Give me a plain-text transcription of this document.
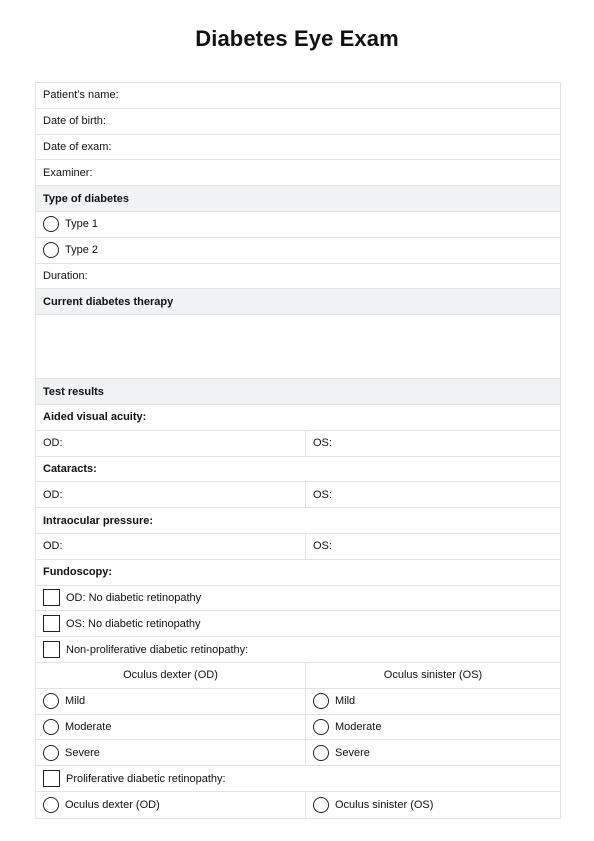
Diabetes Eye Exam
Patient’s name:
Date of birth:
Date of exam:
Examiner:
Type of diabetes
Type 1
Type 2
Duration:
Current diabetes therapy
Test results
Aided visual acuity:
OD:	OS:
Cataracts:
OD:	OS:
Intraocular pressure:
OD:	OS:
Fundoscopy:
OD: No diabetic retinopathy
OS: No diabetic retinopathy
Non-proliferative diabetic retinopathy:
Oculus dexter (OD)	Oculus sinister (OS)
Mild	Mild
Moderate	Moderate
Severe	Severe
Proliferative diabetic retinopathy:
Oculus dexter (OD)	Oculus sinister (OS)
